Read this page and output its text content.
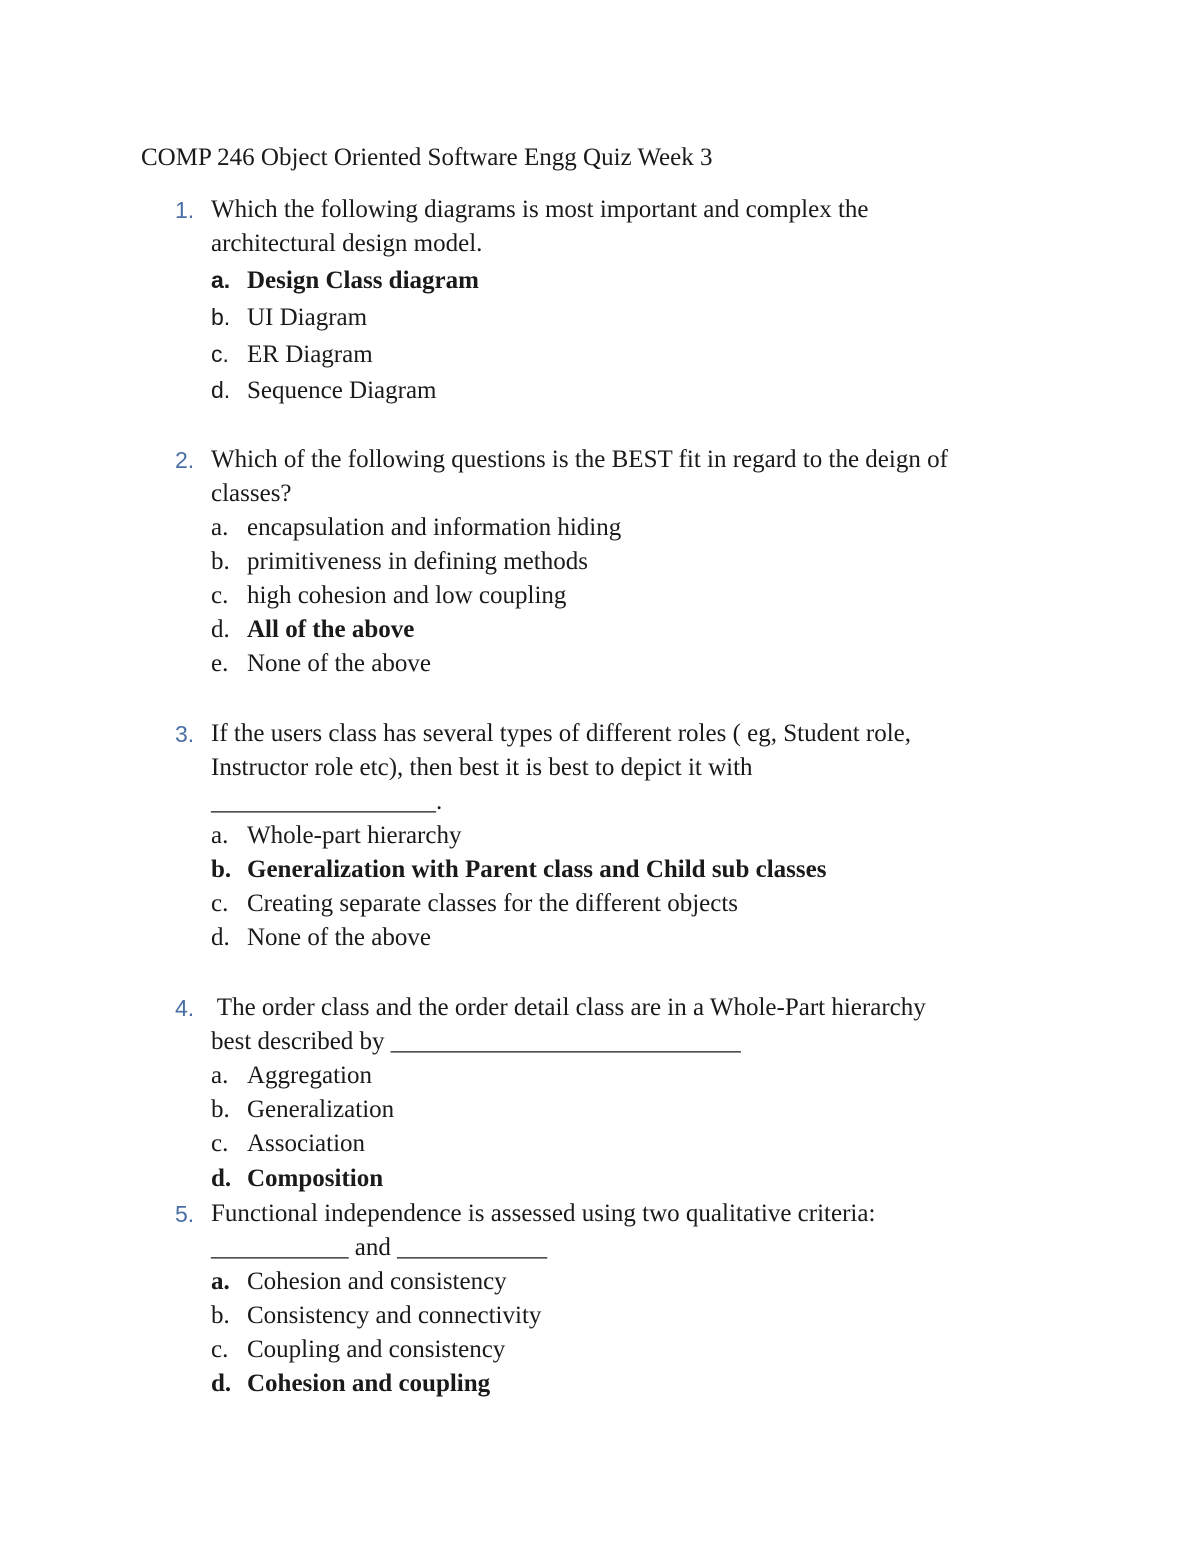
COMP 246 Object Oriented Software Engg Quiz Week 3
1. Which the following diagrams is most important and complex the
architectural design model.
a. Design Class diagram
b. UI Diagram
c. ER Diagram
d. Sequence Diagram
2. Which of the following questions is the BEST fit in regard to the deign of
classes?
a. encapsulation and information hiding
b. primitiveness in defining methods
c. high cohesion and low coupling
d. All of the above
e. None of the above
3. If the users class has several types of different roles ( eg, Student role,
Instructor role etc), then best it is best to depict it with
__________________.
a. Whole-part hierarchy
b. Generalization with Parent class and Child sub classes
c. Creating separate classes for the different objects
d. None of the above
4. The order class and the order detail class are in a Whole-Part hierarchy
best described by ____________________________
a. Aggregation
b. Generalization
c. Association
d. Composition
5. Functional independence is assessed using two qualitative criteria:
___________ and ____________
a. Cohesion and consistency
b. Consistency and connectivity
c. Coupling and consistency
d. Cohesion and coupling
